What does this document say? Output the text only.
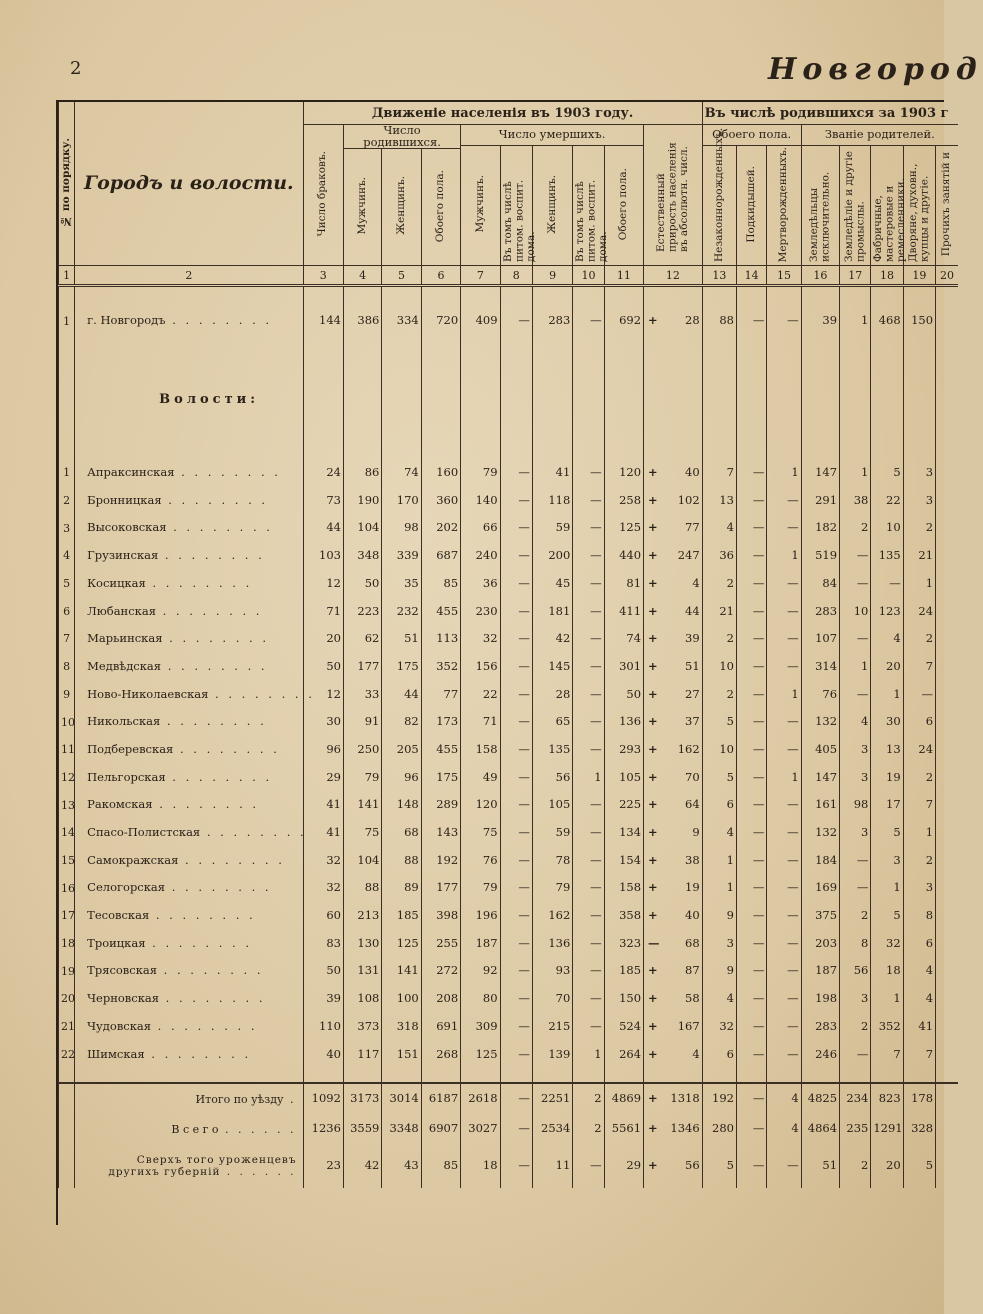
2	Новгород
№ по порядку.	Городъ и волости.	Движеніе населенія въ 1903 году.										Въ числѣ родившихся за 1903 г							
		Число браковъ.	Число родившихся.			Число умершихъ.					Естественный прирость населенія въ абсолютн. числ.	Обоего пола.			Званіе родителей.				
						Мужчинъ.	Въ томъ числѣ питом. воспит. дома.	Женщинъ.	Въ томъ числѣ питом. воспит. дома.	Обоего пола.		Незаконнорожденныхъ.	Подкидышей.	Мертворожденныхъ.	Земледѣльцы исключительно.	Земледѣліе и другіе промыслы.	Фабричные, мастеровые и ремесленники.	Дворяне, духовн., купцы и другіе.	Прочихъ занятій и
			Мужчинъ.	Женщинъ.	Обоего пола.														
1	2	3	4	5	6	7	8	9	10	11	12	13	14	15	16	17	18	19	20

1	г. Новгородъ . . . . . . . .	144	386	334	720	409	—	283	—	692	+ 28	88	—	—	39	1	468	150	
	Волости:																		
1	Апраксинская . . . . . . . .	24	86	74	160	79	—	41	—	120	+ 40	7	—	1	147	1	5	3	
2	Бронницкая . . . . . . . .	73	190	170	360	140	—	118	—	258	+ 102	13	—	—	291	38	22	3	
3	Высоковская . . . . . . . .	44	104	98	202	66	—	59	—	125	+ 77	4	—	—	182	2	10	2	
4	Грузинская . . . . . . . .	103	348	339	687	240	—	200	—	440	+ 247	36	—	1	519	—	135	21	
5	Косицкая . . . . . . . .	12	50	35	85	36	—	45	—	81	+ 4	2	—	—	84	—	—	1	
6	Любанская . . . . . . . .	71	223	232	455	230	—	181	—	411	+ 44	21	—	—	283	10	123	24	
7	Марьинская . . . . . . . .	20	62	51	113	32	—	42	—	74	+ 39	2	—	—	107	—	4	2	
8	Медвѣдская . . . . . . . .	50	177	175	352	156	—	145	—	301	+ 51	10	—	—	314	1	20	7	
9	Ново-Николаевская . . . . . . . .	12	33	44	77	22	—	28	—	50	+ 27	2	—	1	76	—	1	—	
10	Никольская . . . . . . . .	30	91	82	173	71	—	65	—	136	+ 37	5	—	—	132	4	30	6	
11	Подберевская . . . . . . . .	96	250	205	455	158	—	135	—	293	+ 162	10	—	—	405	3	13	24	
12	Пельгорская . . . . . . . .	29	79	96	175	49	—	56	1	105	+ 70	5	—	1	147	3	19	2	
13	Ракомская . . . . . . . .	41	141	148	289	120	—	105	—	225	+ 64	6	—	—	161	98	17	7	
14	Спасо-Полистская . . . . . . . .	41	75	68	143	75	—	59	—	134	+ 9	4	—	—	132	3	5	1	
15	Самокражская . . . . . . . .	32	104	88	192	76	—	78	—	154	+ 38	1	—	—	184	—	3	2	
16	Селогорская . . . . . . . .	32	88	89	177	79	—	79	—	158	+ 19	1	—	—	169	—	1	3	
17	Тесовская . . . . . . . .	60	213	185	398	196	—	162	—	358	+ 40	9	—	—	375	2	5	8	
18	Троицкая . . . . . . . .	83	130	125	255	187	—	136	—	323	— 68	3	—	—	203	8	32	6	
19	Трясовская . . . . . . . .	50	131	141	272	92	—	93	—	185	+ 87	9	—	—	187	56	18	4	
20	Черновская . . . . . . . .	39	108	100	208	80	—	70	—	150	+ 58	4	—	—	198	3	1	4	
21	Чудовская . . . . . . . .	110	373	318	691	309	—	215	—	524	+ 167	32	—	—	283	2	352	41	
22	Шимская . . . . . . . .	40	117	151	268	125	—	139	1	264	+ 4	6	—	—	246	—	7	7	

	Итого по уѣзду .	1092	3173	3014	6187	2618	—	2251	2	4869	+ 1318	192	—	4	4825	234	823	178	
	В с е г о . . . . . .	1236	3559	3348	6907	3027	—	2534	2	5561	+ 1346	280	—	4	4864	235	1291	328	
	Сверхъ того уроженцевъ другихъ губерній . . . . . .	23	42	43	85	18	—	11	—	29	+ 56	5	—	—	51	2	20	5	
